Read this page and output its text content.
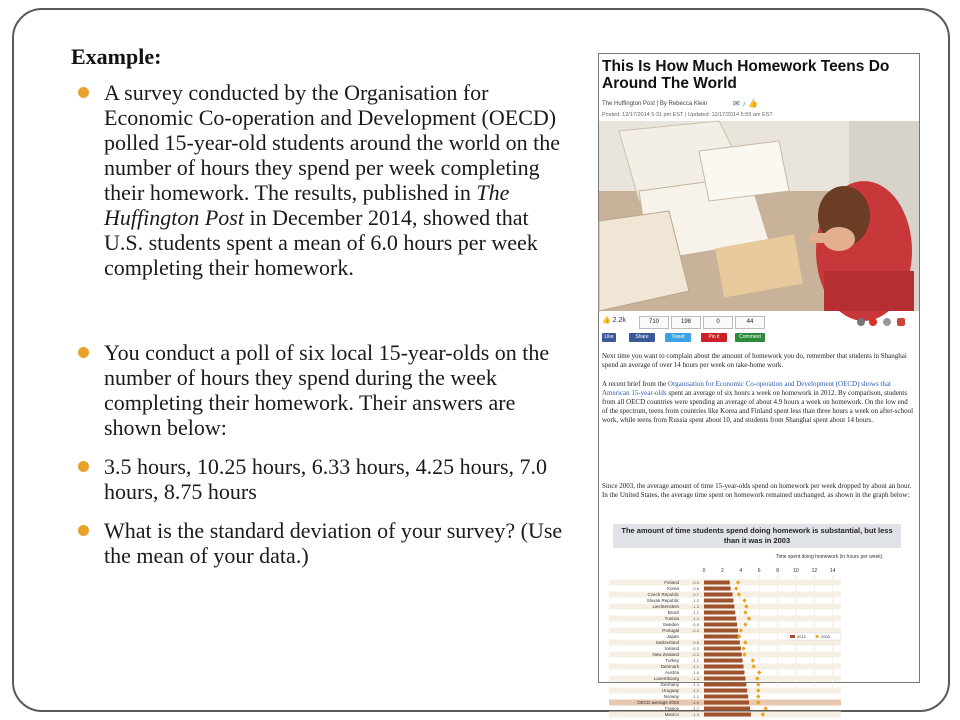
Example:
A survey conducted by the Organisation for Economic Co-operation and Development (OECD) polled 15-year-old students around the world on the number of hours they spend per week completing their homework. The results, published in The Huffington Post in December 2014, showed that U.S. students spent a mean of 6.0 hours per week completing their homework.
You conduct a poll of six local 15-year-olds on the number of hours they spend during the week completing their homework. Their answers are shown below:
3.5 hours, 10.25 hours, 6.33 hours, 4.25 hours, 7.0 hours, 8.75 hours
What is the standard deviation of your survey? (Use the mean of your data.)
This Is How Much Homework Teens Do Around The World
The Huffington Post | By Rebecca Klein	✉ ♪ 👍
Posted: 12/17/2014 5:31 pm EST | Updated: 12/17/2014 5:59 am EST
👍 2.2k	710	198	0	44
Like	Share	Tweet	Pin it	Comment
Next time you want to complain about the amount of homework you do, remember that students in Shanghai spend an average of over 14 hours per week on take-home work.
A recent brief from the Organisation for Economic Co-operation and Development (OECD) shows that American 15-year-olds spent an average of six hours a week on homework in 2012. By comparison, students from all OECD countries were spending an average of about 4.9 hours a week on homework. On the low end of the spectrum, teens from countries like Korea and Finland spent less than three hours a week on after-school work, while teens from Russia spent about 10, and students from Shanghai spent about 14 hours.
Since 2003, the average amount of time 15-year-olds spend on homework per week dropped by about an hour. In the United States, the average time spent on homework remained unchanged, as shown in the graph below:
The amount of time students spend doing homework is substantial, but less than it was in 2003
Time spent doing homework (in hours per week)
0	2	4	6	8	10	12	14
Finland	-0.9
Korea	-0.6
Czech Republic	-0.7
Slovak Republic	-1.2
Liechtenstein	-1.3
Brazil	-1.1
Tunisia	-1.4
Sweden	-0.9
Portugal	-0.3
Japan
Switzerland	-0.6
Iceland	-0.3
New Zealand	-0.3
Turkey	-1.1
Denmark	-1.1
Austria	-1.6
Luxembourg	-1.3
Germany	-1.3
Uruguay	-1.2
Norway	-1.1
OECD average 2003	-1.0
France	-1.7
Mexico	-1.3
2012	2003
